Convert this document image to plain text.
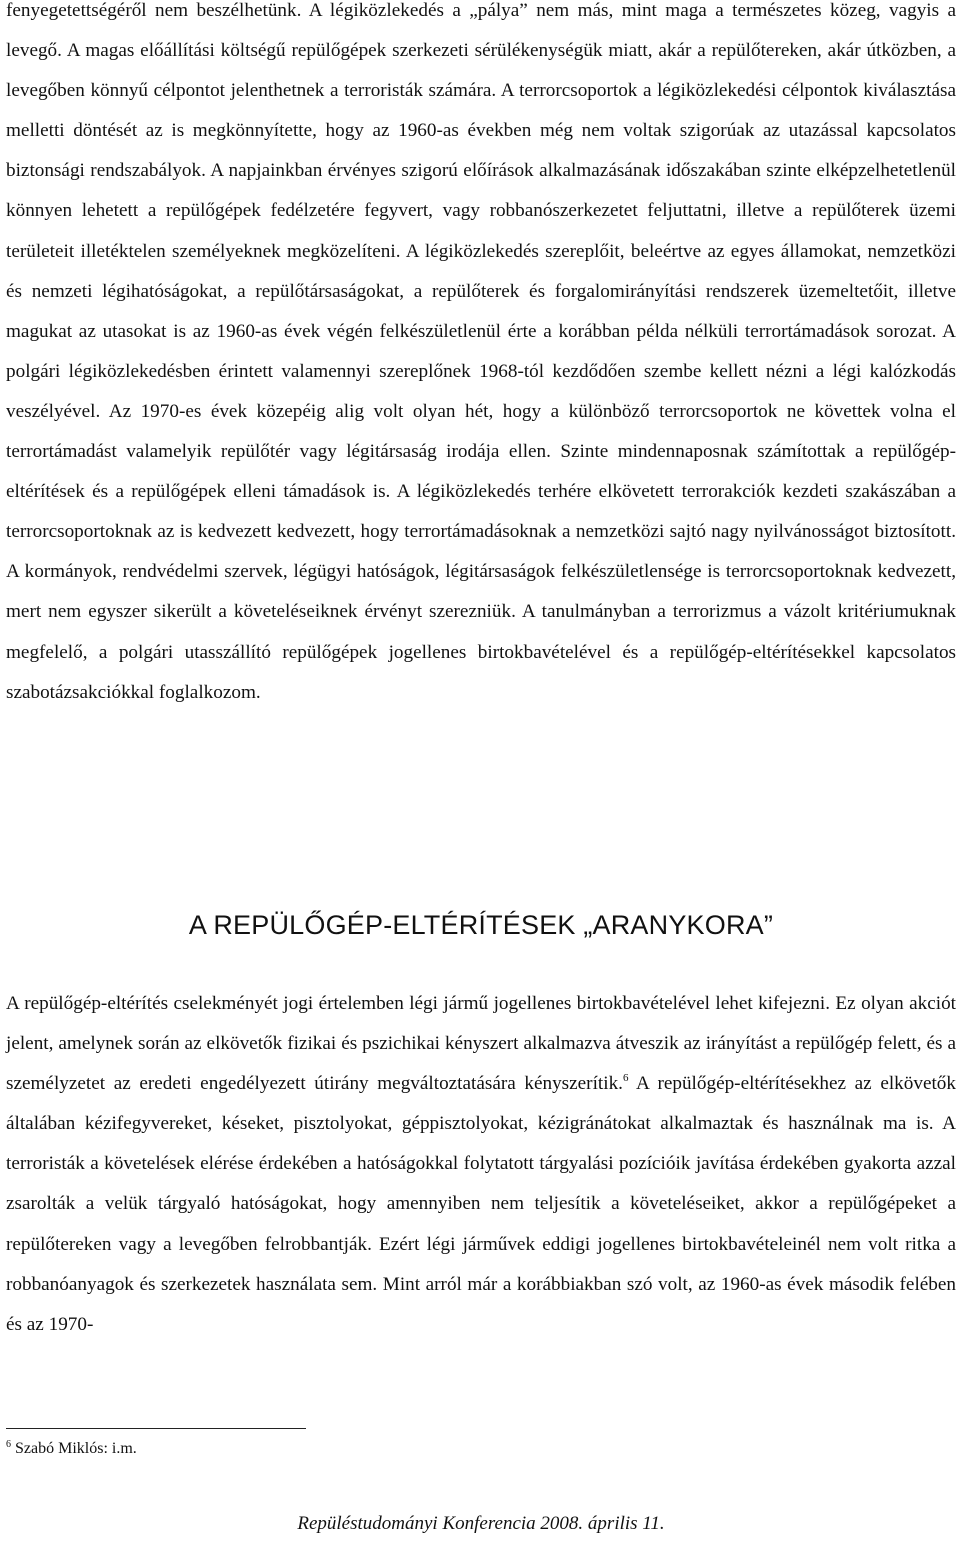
fenyegetettségéről nem beszélhetünk. A légiközlekedés a „pálya” nem más, mint maga a természetes közeg, vagyis a levegő. A magas előállítási költségű repülőgépek szerkezeti sérülékenységük miatt, akár a repülőtereken, akár útközben, a levegőben könnyű célpontot jelenthetnek a terroristák számára. A terrorcsoportok a légiközlekedési célpontok kiválasztása melletti döntését az is megkönnyítette, hogy az 1960-as években még nem voltak szigorúak az utazással kapcsolatos biztonsági rendszabályok. A napjainkban érvényes szigorú előírások alkalmazásának időszakában szinte elképzelhetetlenül könnyen lehetett a repülőgépek fedélzetére fegyvert, vagy robbanószerkezetet feljuttatni, illetve a repülőterek üzemi területeit illetéktelen személyeknek megközelíteni. A légiközlekedés szereplőit, beleértve az egyes államokat, nemzetközi és nemzeti légihatóságokat, a repülőtársaságokat, a repülőterek és forgalomirányítási rendszerek üzemeltetőit, illetve magukat az utasokat is az 1960-as évek végén felkészületlenül érte a korábban példa nélküli terrortámadások sorozat. A polgári légiközlekedésben érintett valamennyi szereplőnek 1968-tól kezdődően szembe kellett nézni a légi kalózkodás veszélyével. Az 1970-es évek közepéig alig volt olyan hét, hogy a különböző terrorcsoportok ne követtek volna el terrortámadást valamelyik repülőtér vagy légitársaság irodája ellen. Szinte mindennaposnak számítottak a repülőgép-eltérítések és a repülőgépek elleni támadások is. A légiközlekedés terhére elkövetett terrorakciók kezdeti szakászában a terrorcsoportoknak az is kedvezett kedvezett, hogy terrortámadásoknak a nemzetközi sajtó nagy nyilvánosságot biztosított. A kormányok, rendvédelmi szervek, légügyi hatóságok, légitársaságok felkészületlensége is terrorcsoportoknak kedvezett, mert nem egyszer sikerült a követeléseiknek érvényt szerezniük. A tanulmányban a terrorizmus a vázolt kritériumuknak megfelelő, a polgári utasszállító repülőgépek jogellenes birtokbavételével és a repülőgép-eltérítésekkel kapcsolatos szabotázsakciókkal foglalkozom.

A REPÜLŐGÉP-ELTÉRÍTÉSEK „ARANYKORA”

A repülőgép-eltérítés cselekményét jogi értelemben légi jármű jogellenes birtokbavételével lehet kifejezni. Ez olyan akciót jelent, amelynek során az elkövetők fizikai és pszichikai kényszert alkalmazva átveszik az irányítást a repülőgép felett, és a személyzetet az eredeti engedélyezett útirány megváltoztatására kényszerítik.$^6$ A repülőgép-eltérítésekhez az elkövetők általában kézifegyvereket, késeket, pisztolyokat, géppisztolyokat, kézigránátokat alkalmaztak és használnak ma is. A terroristák a követelések elérése érdekében a hatóságokkal folytatott tárgyalási pozícióik javítása érdekében gyakorta azzal zsarolták a velük tárgyaló hatóságokat, hogy amennyiben nem teljesítik a követeléseiket, akkor a repülőgépeket a repülőtereken vagy a levegőben felrobbantják. Ezért légi járművek eddigi jogellenes birtokbavételeinél nem volt ritka a robbanóanyagok és szerkezetek használata sem. Mint arról már a korábbiakban szó volt, az 1960-as évek második felében és az 1970-

$^6$ Szabó Miklós: i.m.

Repüléstudományi Konferencia 2008. április 11.
